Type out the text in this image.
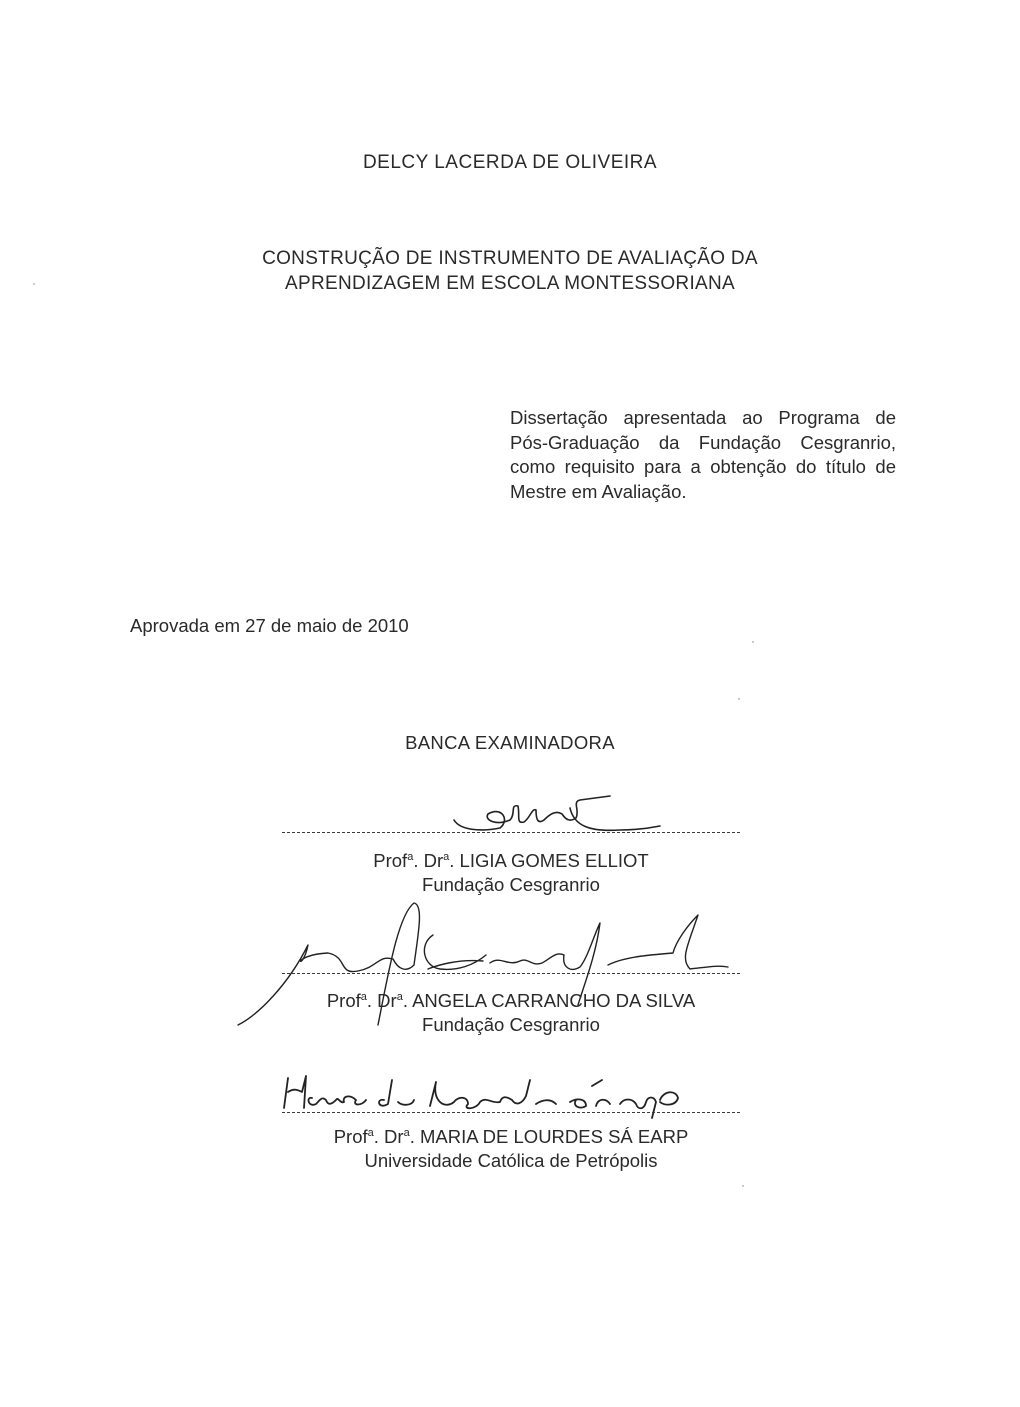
DELCY LACERDA DE OLIVEIRA
CONSTRUÇÃO DE INSTRUMENTO DE AVALIAÇÃO DA
APRENDIZAGEM EM ESCOLA MONTESSORIANA
Dissertação apresentada ao Programa de Pós-Graduação da Fundação Cesgranrio, como requisito para a obtenção do título de Mestre em Avaliação.
Aprovada em 27 de maio de 2010
BANCA EXAMINADORA
Prof$^a$. Dr$^a$. LIGIA GOMES ELLIOT
Fundação Cesgranrio
Prof$^a$. Dr$^a$. ANGELA CARRANCHO DA SILVA
Fundação Cesgranrio
Prof$^a$. Dr$^a$. MARIA DE LOURDES SÁ EARP
Universidade Católica de Petrópolis
